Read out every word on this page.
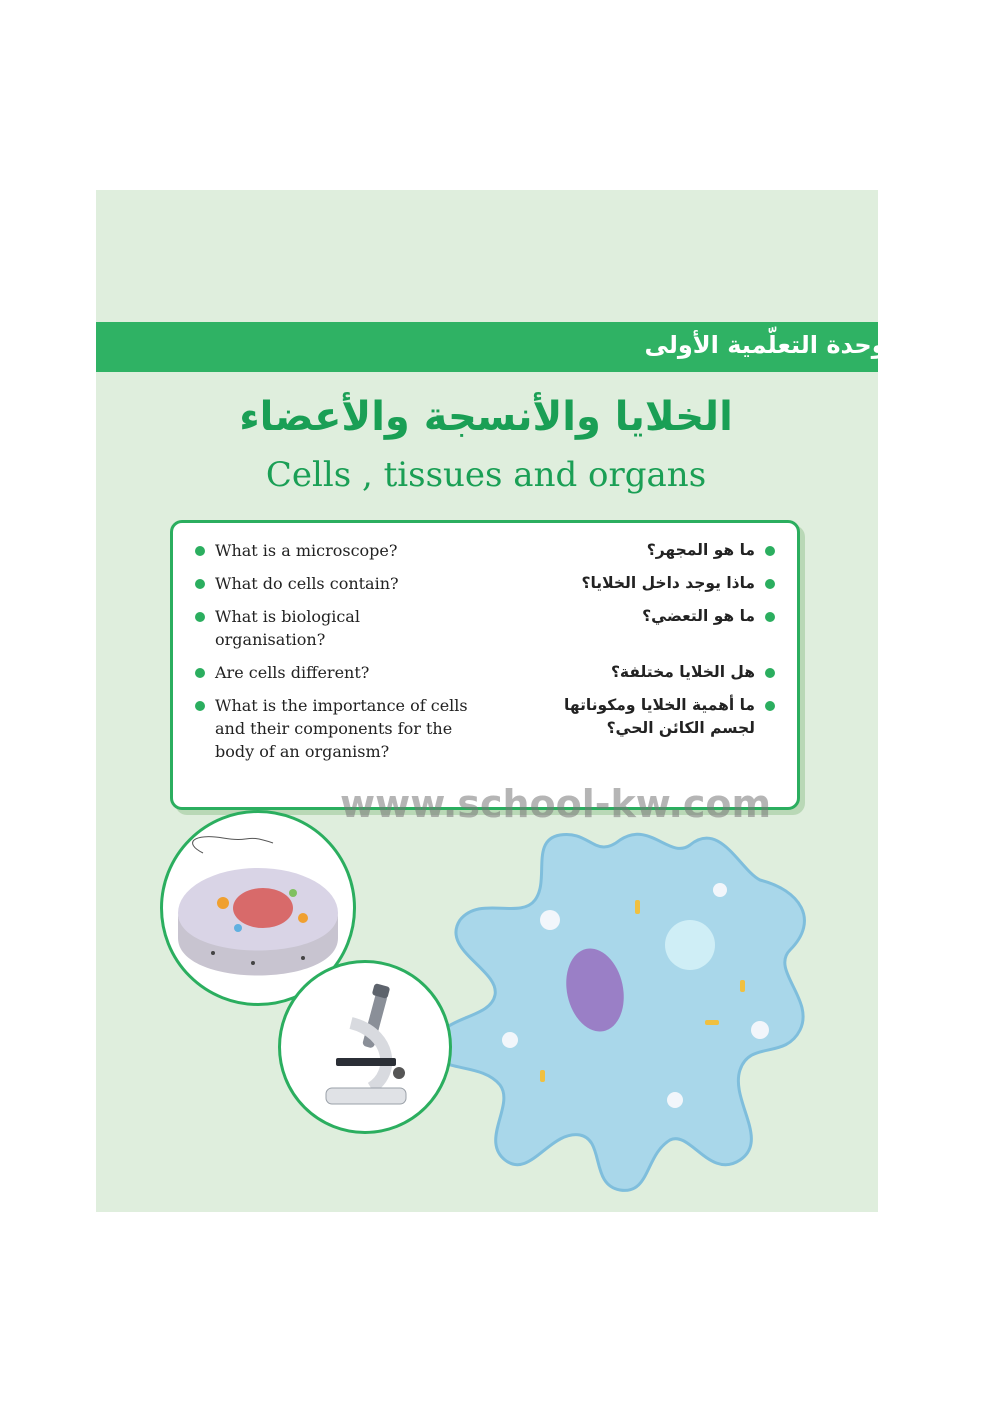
الوحدة التعلّمية الأولى
الخلايا والأنسجة والأعضاء
Cells , tissues and organs
What is a microscope?
What do cells contain?
What is biological organisation?
Are cells different?
What is the importance of cells and their components for the body of an organism?
ما هو المجهر؟
ماذا يوجد داخل الخلايا؟
ما هو التعضي؟
هل الخلايا مختلفة؟
ما أهمية الخلايا ومكوناتها لجسم الكائن الحي؟
www.school-kw.com
